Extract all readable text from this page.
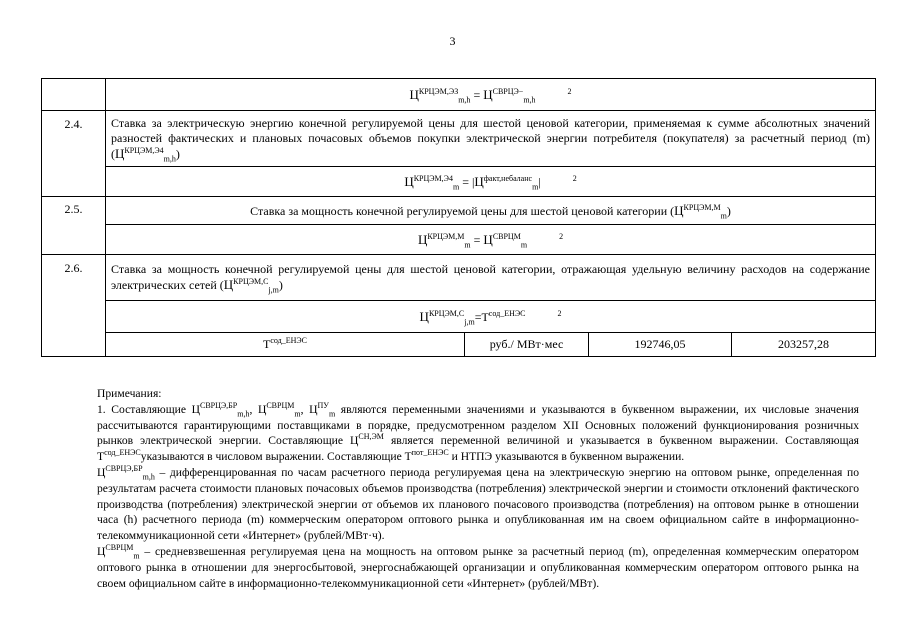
3
	$Ц^{КРЦЭМ,ЭЗ}_{m,h} = Ц^{СВРЦЭ-}_{m,h}^2$
2.4.	Ставка за электрическую энергию конечной регулируемой цены для шестой ценовой категории, применяемая к сумме абсолютных значений разностей фактических и плановых почасовых объемов покупки электрической энергии потребителя (покупателя) за расчетный период (m) $(Ц^{КРЦЭМ,Э4}_{m,h})$			
	$Ц^{КРЦЭМ,Э4}_m = |Ц^{факт,небаланс}_m|$ $^2$
2.5.	Ставка за мощность конечной регулируемой цены для шестой ценовой категории $(Ц^{КРЦЭМ,М}_m)$			
	$Ц^{КРЦЭМ,М}_m = Ц^{СВРЦМ}_m^2$
2.6.	Ставка за мощность конечной регулируемой цены для шестой ценовой категории, отражающая удельную величину расходов на содержание электрических сетей $(Ц^{КРЦЭМ,С}_{j,m})$			
	$Ц^{КРЦЭМ,С}_{j,m}=Т^{сод\_ЕНЭС}$ $^2$
	$Т^{сод\_ЕНЭС}$	руб./ МВт·мес	192746,05	203257,28

Примечания:

1. Составляющие $Ц^{СВРЦЭ,БР}_{m,h}$, $Ц^{СВРЦМ}_m$, $Ц^{ПУ}_m$ являются переменными значениями и указываются в буквенном выражении, их числовые значения рассчитываются гарантирующими поставщиками в порядке, предусмотренном разделом XII Основных положений функционирования розничных рынков электрической энергии. Составляющие $Ц^{СН,ЭМ}$ является переменной величиной и указывается в буквенном выражении. Составляющая $Т^{сод\_ЕНЭС}указываются$ в числовом выражении. Составляющие $Т^{пот\_ЕНЭС}$ и НТПЭ указываются в буквенном выражении.

$Ц^{СВРЦЭ,БР}_{m,h}$ – дифференцированная по часам расчетного периода регулируемая цена на электрическую энергию на оптовом рынке, определенная по результатам расчета стоимости плановых почасовых объемов производства (потребления) электрической энергии и стоимости отклонений фактического производства (потребления) электрической энергии от объемов их планового почасового производства (потребления) на оптовом рынке в отношении часа (h) расчетного периода (m) коммерческим оператором оптового рынка и опубликованная им на своем официальном сайте в информационно-телекоммуникационной сети «Интернет» (рублей/МВт·ч).

$Ц^{СВРЦМ}_m$ – средневзвешенная регулируемая цена на мощность на оптовом рынке за расчетный период (m), определенная коммерческим оператором оптового рынка в отношении для энергосбытовой, энергоснабжающей организации и опубликованная коммерческим оператором оптового рынка на своем официальном сайте в информационно-телекоммуникационной сети «Интернет» (рублей/МВт).
